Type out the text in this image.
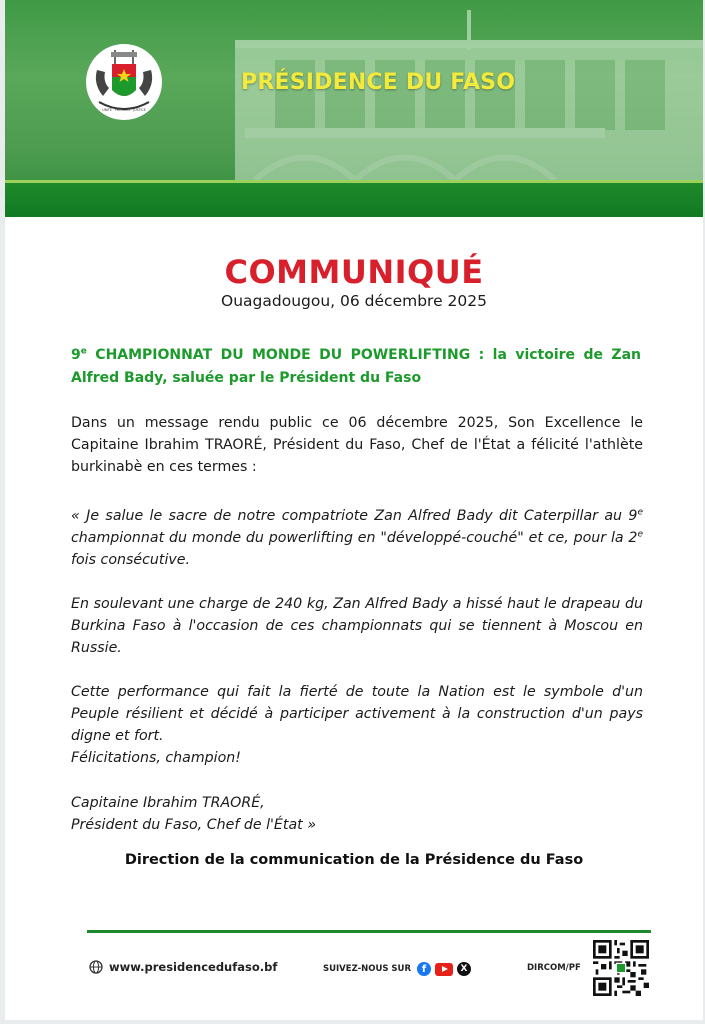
UNITÉ · PROGRÈS · JUSTICE
PRÉSIDENCE DU FASO
COMMUNIQUÉ
Ouagadougou, 06 décembre 2025
9e CHAMPIONNAT DU MONDE DU POWERLIFTING : la victoire de Zan Alfred Bady, saluée par le Président du Faso
Dans un message rendu public ce 06 décembre 2025, Son Excellence le Capitaine Ibrahim TRAORÉ, Président du Faso, Chef de l'État a félicité l'athlète burkinabè en ces termes :
« Je salue le sacre de notre compatriote Zan Alfred Bady dit Caterpillar au 9e championnat du monde du powerlifting en "développé-couché" et ce, pour la 2e fois consécutive.
En soulevant une charge de 240 kg, Zan Alfred Bady a hissé haut le drapeau du Burkina Faso à l'occasion de ces championnats qui se tiennent à Moscou en Russie.
Cette performance qui fait la fierté de toute la Nation est le symbole d'un Peuple résilient et décidé à participer activement à la construction d'un pays digne et fort.
Félicitations, champion!
Capitaine Ibrahim TRAORÉ,
Président du Faso, Chef de l'État »
Direction de la communication de la Présidence du Faso
www.presidencedufaso.bf	SUIVEZ-NOUS SUR	f	X	DIRCOM/PF
